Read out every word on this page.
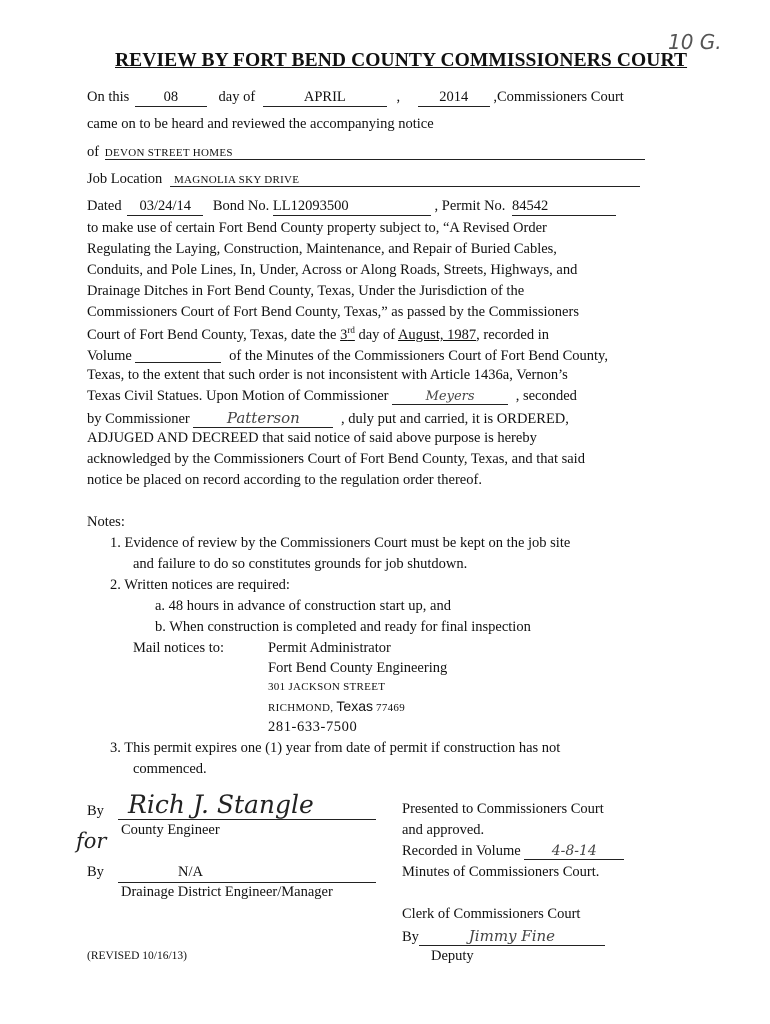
10 G.
REVIEW BY FORT BEND COUNTY COMMISSIONERS COURT
On this 08	day of	APRIL	,	2014 ,Commissioners Court
came on to be heard and reviewed the accompanying notice
of DEVON STREET HOMES
Job Location MAGNOLIA SKY DRIVE
Dated 03/24/14 Bond No. LL12093500	, Permit No. 84542
to make use of certain Fort Bend County property subject to, “A Revised Order
Regulating the Laying, Construction, Maintenance, and Repair of Buried Cables,
Conduits, and Pole Lines, In, Under, Across or Along Roads, Streets, Highways, and
Drainage Ditches in Fort Bend County, Texas, Under the Jurisdiction of the
Commissioners Court of Fort Bend County, Texas,” as passed by the Commissioners
Court of Fort Bend County, Texas, date the 3rd day of August, 1987, recorded in
Volume	of the Minutes of the Commissioners Court of Fort Bend County,
Texas, to the extent that such order is not inconsistent with Article 1436a, Vernon’s
Texas Civil Statues. Upon Motion of Commissioner	Meyers	, seconded
by Commissioner Patterson	, duly put and carried, it is ORDERED,
ADJUGED AND DECREED that said notice of said above purpose is hereby
acknowledged by the Commissioners Court of Fort Bend County, Texas, and that said
notice be placed on record according to the regulation order thereof.
Notes:
1. Evidence of review by the Commissioners Court must be kept on the job site
and failure to do so constitutes grounds for job shutdown.
2. Written notices are required:
a. 48 hours in advance of construction start up, and
b. When construction is completed and ready for final inspection
Mail notices to:	Permit Administrator
Fort Bend County Engineering
301 JACKSON STREET
RICHMOND, Texas 77469
281-633-7500
3. This permit expires one (1) year from date of permit if construction has not
commenced.
By Rich J. Stangle
for County Engineer
By	N/A
Drainage District Engineer/Manager
Presented to Commissioners Court
and approved.
Recorded in Volume 4-8-14
Minutes of Commissioners Court.
Clerk of Commissioners Court
By	Jimmy Fine
Deputy
(REVISED 10/16/13)
